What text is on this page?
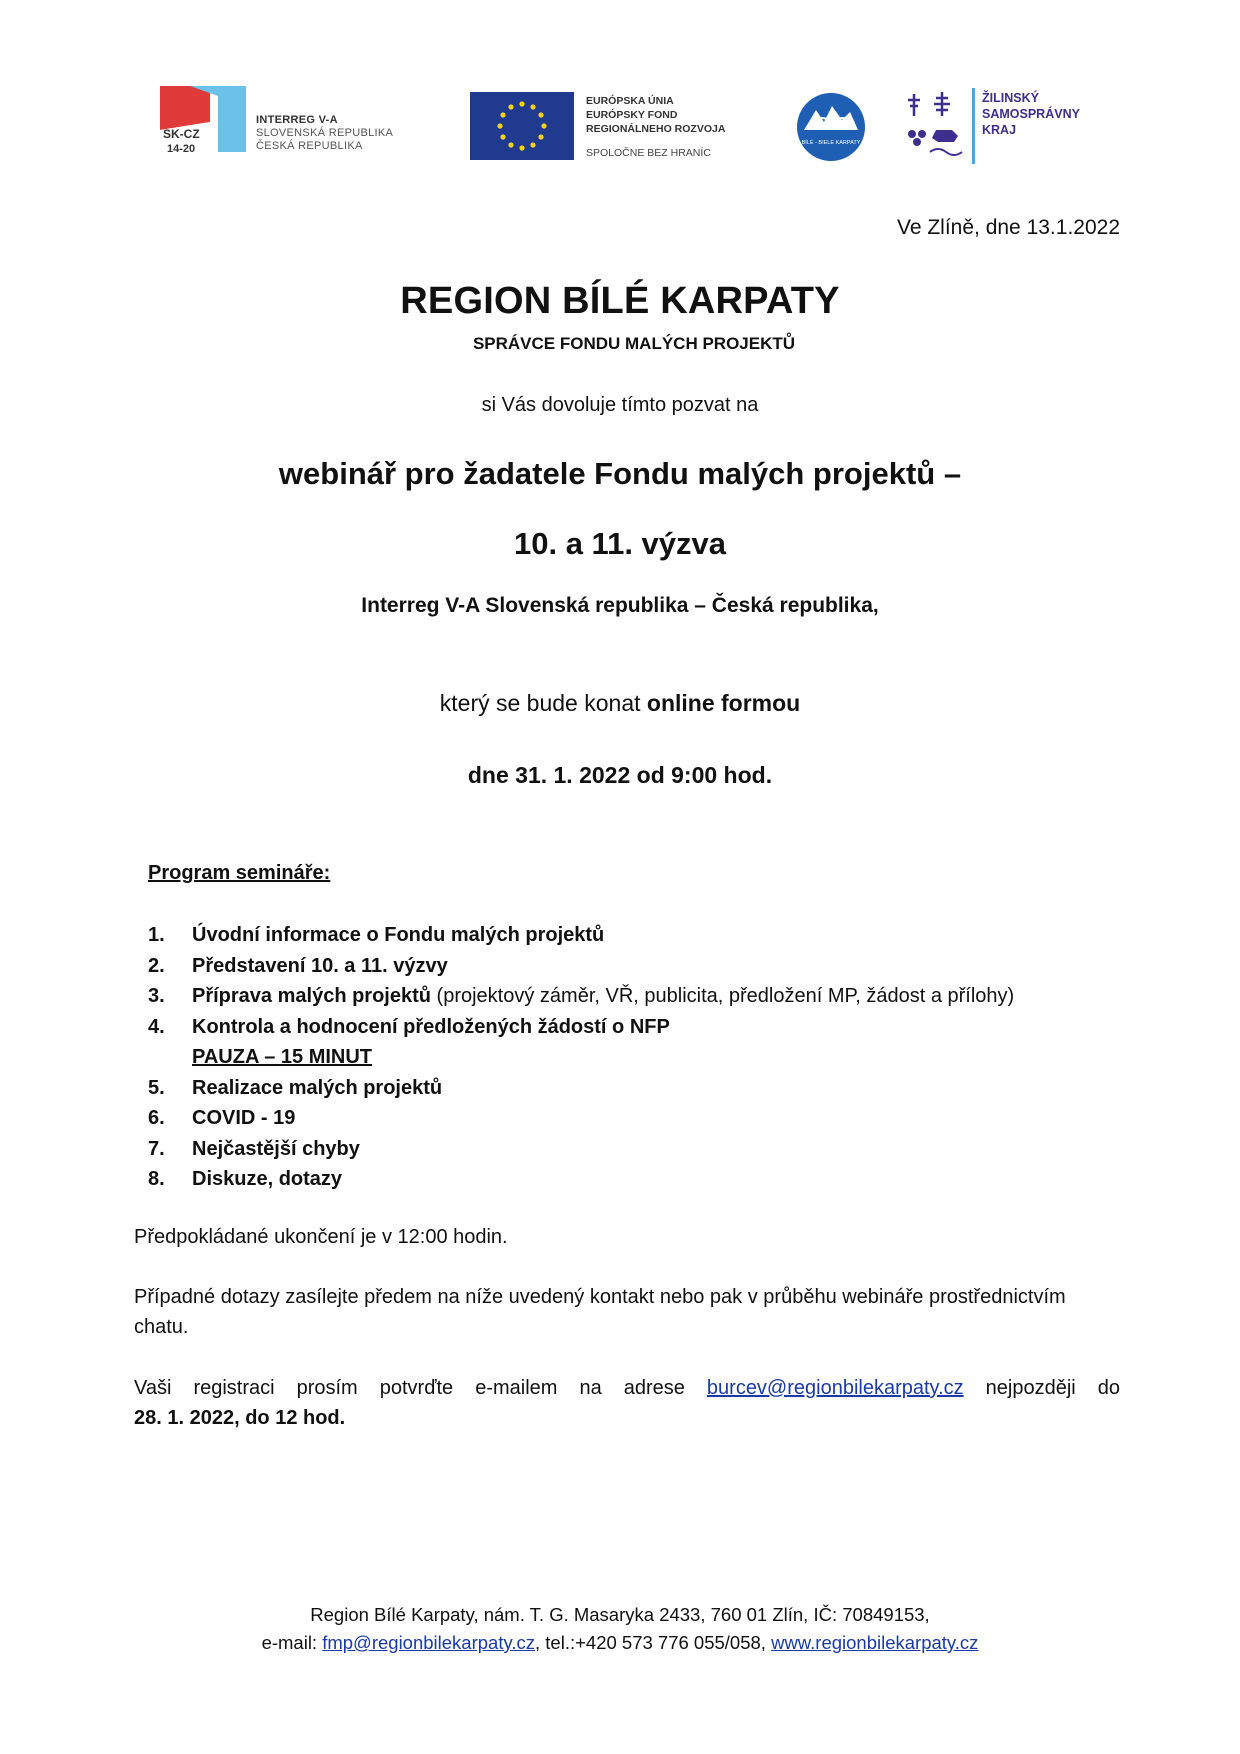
SK-CZ
14-20
INTERREG V-A
SLOVENSKÁ REPUBLIKA
ČESKÁ REPUBLIKA
EURÓPSKA ÚNIA
EURÓPSKY FOND
REGIONÁLNEHO ROZVOJA
SPOLOČNE BEZ HRANÍC
BÍLÉ - BIELE KARPATY
ŽILINSKÝ
SAMOSPRÁVNY
KRAJ
Ve Zlíně, dne 13.1.2022
REGION BÍLÉ KARPATY
SPRÁVCE FONDU MALÝCH PROJEKTŮ
si Vás dovoluje tímto pozvat na
webinář pro žadatele Fondu malých projektů –
10. a 11. výzva
Interreg V-A Slovenská republika – Česká republika,
který se bude konat online formou
dne 31. 1. 2022 od 9:00 hod.
Program semináře:
1. Úvodní informace o Fondu malých projektů
2. Představení 10. a 11. výzvy
3. Příprava malých projektů (projektový záměr, VŘ, publicita, předložení MP, žádost a přílohy)
4. Kontrola a hodnocení předložených žádostí o NFP
PAUZA – 15 MINUT
5. Realizace malých projektů
6. COVID - 19
7. Nejčastější chyby
8. Diskuze, dotazy
Předpokládané ukončení je v 12:00 hodin.
Případné dotazy zasílejte předem na níže uvedený kontakt nebo pak v průběhu webináře prostřednictvím chatu.
Vaši registraci prosím potvrďte e-mailem na adrese burcev@regionbilekarpaty.cz nejpozději do
28. 1. 2022, do 12 hod.
Region Bílé Karpaty, nám. T. G. Masaryka 2433, 760 01 Zlín, IČ: 70849153,
e-mail: fmp@regionbilekarpaty.cz, tel.:+420 573 776 055/058, www.regionbilekarpaty.cz
